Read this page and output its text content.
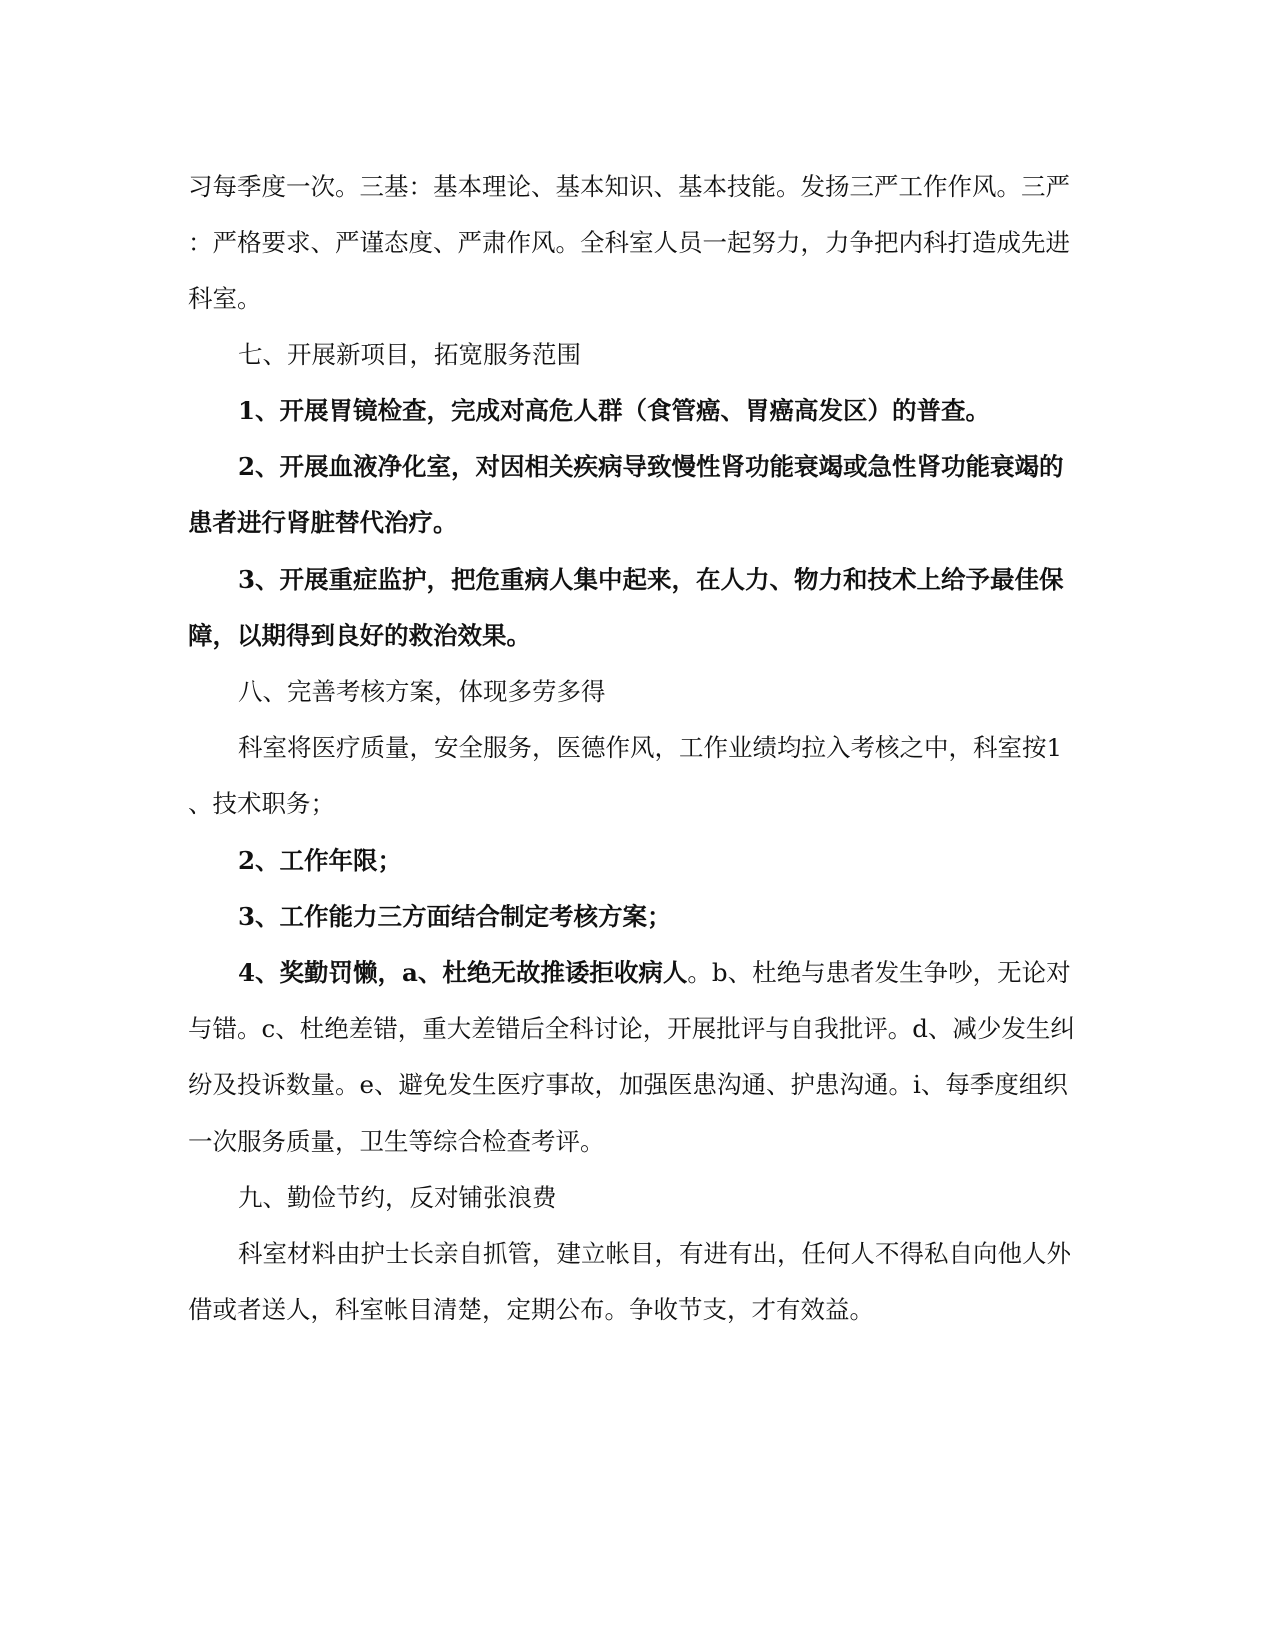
习每季度一次。三基：基本理论、基本知识、基本技能。发扬三严工作作风。三严
：严格要求、严谨态度、严肃作风。全科室人员一起努力，力争把内科打造成先进
科室。
七、开展新项目，拓宽服务范围
1、开展胃镜检查，完成对高危人群（食管癌、胃癌高发区）的普查。
2、开展血液净化室，对因相关疾病导致慢性肾功能衰竭或急性肾功能衰竭的
患者进行肾脏替代治疗。
3、开展重症监护，把危重病人集中起来，在人力、物力和技术上给予最佳保
障，以期得到良好的救治效果。
八、完善考核方案，体现多劳多得
科室将医疗质量，安全服务，医德作风，工作业绩均拉入考核之中，科室按1
、技术职务；
2、工作年限；
3、工作能力三方面结合制定考核方案；
4、奖勤罚懒，a、杜绝无故推诿拒收病人。b、杜绝与患者发生争吵，无论对
与错。c、杜绝差错，重大差错后全科讨论，开展批评与自我批评。d、减少发生纠
纷及投诉数量。e、避免发生医疗事故，加强医患沟通、护患沟通。i、每季度组织
一次服务质量，卫生等综合检查考评。
九、勤俭节约，反对铺张浪费
科室材料由护士长亲自抓管，建立帐目，有进有出，任何人不得私自向他人外
借或者送人，科室帐目清楚，定期公布。争收节支，才有效益。
